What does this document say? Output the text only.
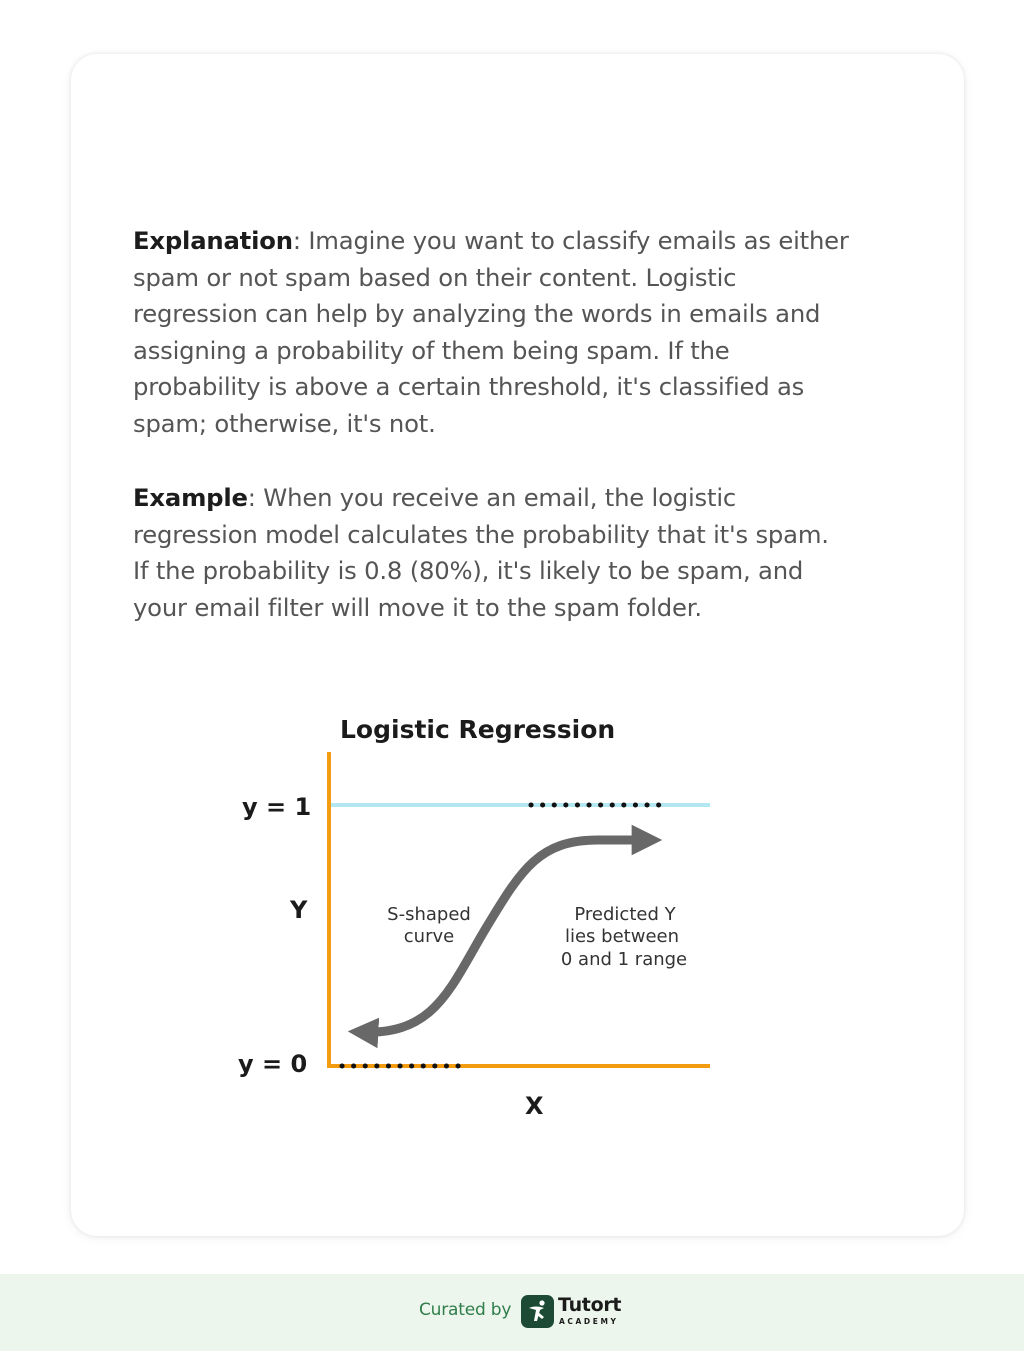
Explanation: Imagine you want to classify emails as either
spam or not spam based on their content. Logistic
regression can help by analyzing the words in emails and
assigning a probability of them being spam. If the
probability is above a certain threshold, it's classified as
spam; otherwise, it's not.

Example: When you receive an email, the logistic
regression model calculates the probability that it's spam.
If the probability is 0.8 (80%), it's likely to be spam, and
your email filter will move it to the spam folder.

Logistic Regression
y = 1
Y
y = 0
X
S-shaped
curve
Predicted Y
lies between
0 and 1 range
Curated by Tutort
ACADEMY
